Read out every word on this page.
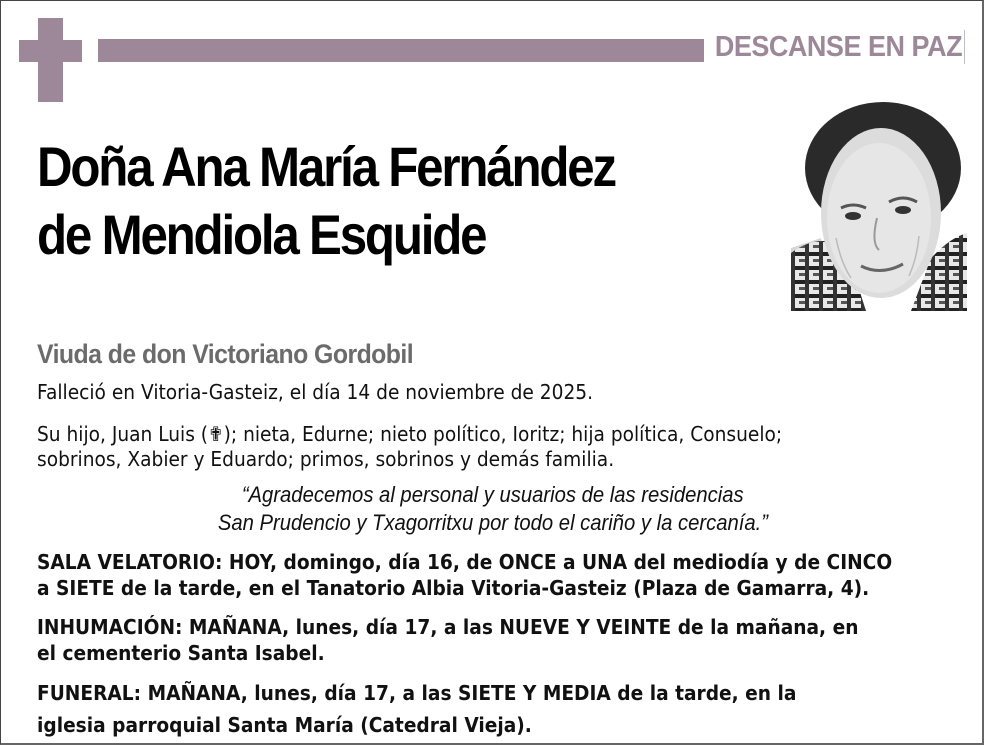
DESCANSE EN PAZ
Doña Ana María Fernández
de Mendiola Esquide
Viuda de don Victoriano Gordobil
Falleció en Vitoria-Gasteiz, el día 14 de noviembre de 2025.
Su hijo, Juan Luis (✟); nieta, Edurne; nieto político, Ioritz; hija política, Consuelo;
sobrinos, Xabier y Eduardo; primos, sobrinos y demás familia.
“Agradecemos al personal y usuarios de las residencias
San Prudencio y Txagorritxu por todo el cariño y la cercanía.”
SALA VELATORIO: HOY, domingo, día 16, de ONCE a UNA del mediodía y de CINCO
a SIETE de la tarde, en el Tanatorio Albia Vitoria-Gasteiz (Plaza de Gamarra, 4).
INHUMACIÓN: MAÑANA, lunes, día 17, a las NUEVE Y VEINTE de la mañana, en
el cementerio Santa Isabel.
FUNERAL: MAÑANA, lunes, día 17, a las SIETE Y MEDIA de la tarde, en la
iglesia parroquial Santa María (Catedral Vieja).
